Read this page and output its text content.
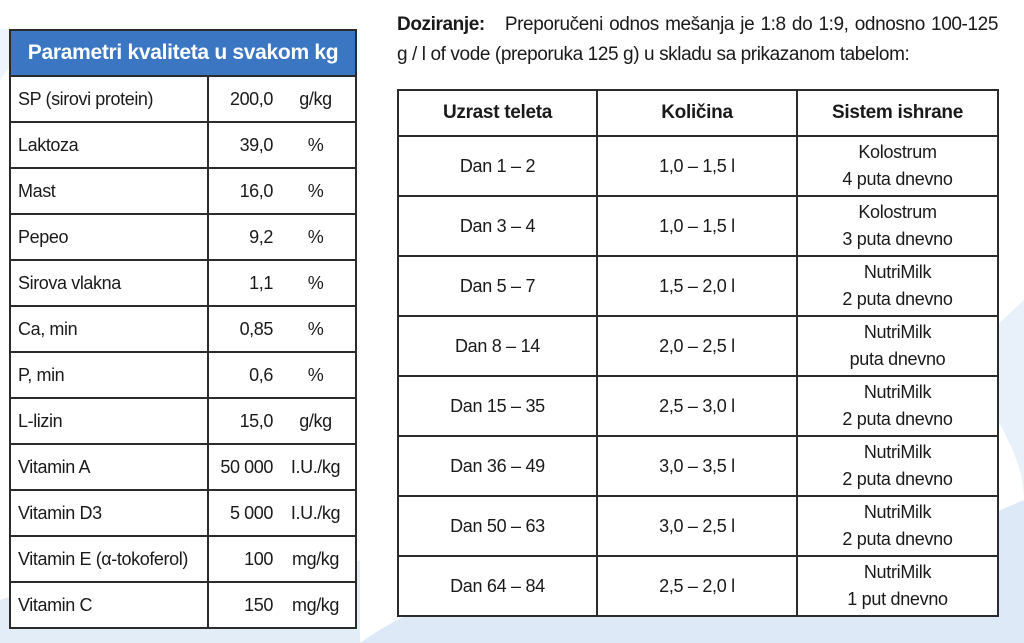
Parametri kvaliteta u svakom kg		
SP (sirovi protein)	200,0	g/kg
Laktoza	39,0	%
Mast	16,0	%
Pepeo	9,2	%
Sirova vlakna	1,1	%
Ca, min	0,85	%
P, min	0,6	%
L-lizin	15,0	g/kg
Vitamin A	50 000	I.U./kg
Vitamin D3	5 000	I.U./kg
Vitamin E (α-tokoferol)	100	mg/kg
Vitamin C	150	mg/kg

Doziranje: Preporučeni odnos mešanja je 1:8 do 1:9, odnosno 100-125 g / l of vode (preporuka 125 g) u skladu sa prikazanom tabelom:

Uzrast teleta	Količina	Sistem ishrane
Dan 1 – 2	1,0 – 1,5 l	Kolostrum
4 puta dnevno

Dan 3 – 4	1,0 – 1,5 l	Kolostrum
3 puta dnevno

Dan 5 – 7	1,5 – 2,0 l	NutriMilk
2 puta dnevno

Dan 8 – 14	2,0 – 2,5 l	NutriMilk
puta dnevno

Dan 15 – 35	2,5 – 3,0 l	NutriMilk
2 puta dnevno

Dan 36 – 49	3,0 – 3,5 l	NutriMilk
2 puta dnevno

Dan 50 – 63	3,0 – 2,5 l	NutriMilk
2 puta dnevno

Dan 64 – 84	2,5 – 2,0 l	NutriMilk
1 put dnevno
